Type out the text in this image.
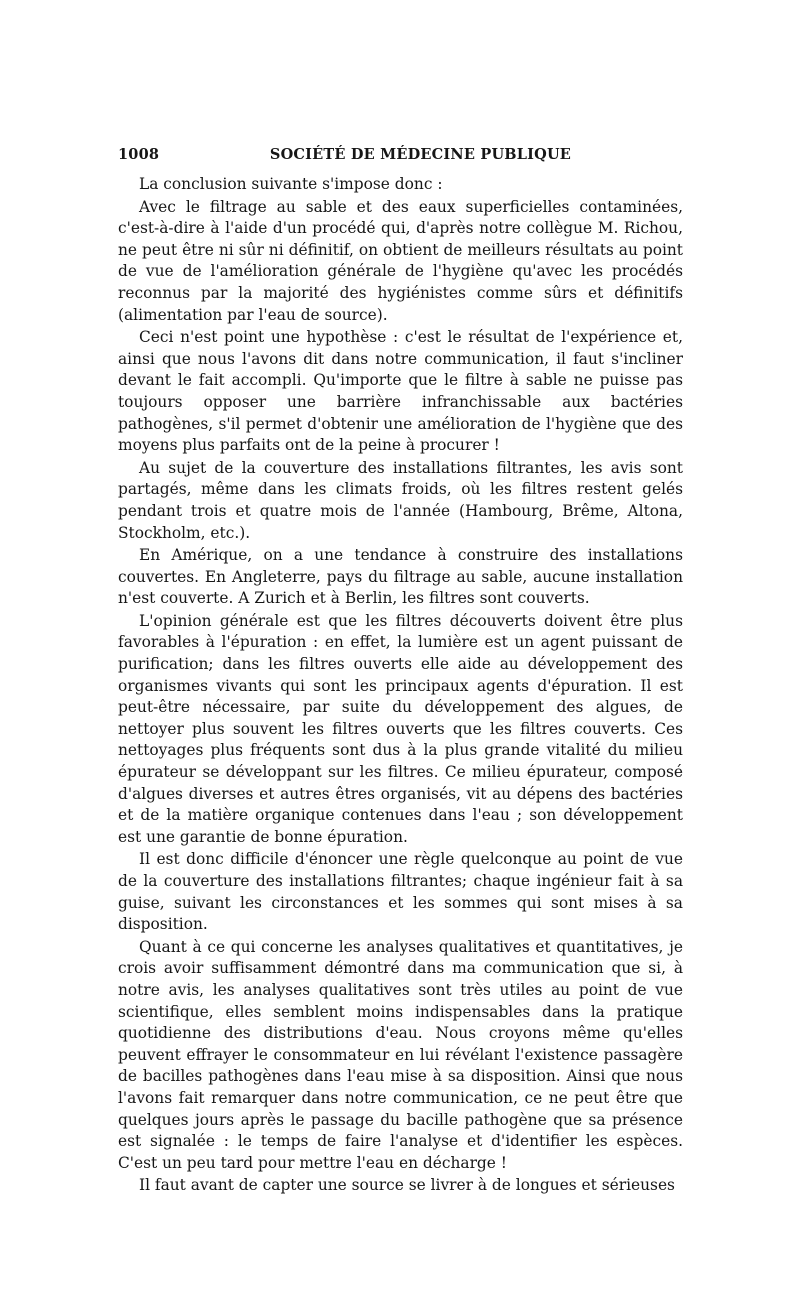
1008	SOCIÉTÉ DE MÉDECINE PUBLIQUE

La conclusion suivante s'impose donc :

Avec le filtrage au sable et des eaux superficielles contaminées, c'est-à-dire à l'aide d'un procédé qui, d'après notre collègue M. Richou, ne peut être ni sûr ni définitif, on obtient de meilleurs résultats au point de vue de l'amélioration générale de l'hygiène qu'avec les procédés reconnus par la majorité des hygiénistes comme sûrs et définitifs (alimentation par l'eau de source).

Ceci n'est point une hypothèse : c'est le résultat de l'expérience et, ainsi que nous l'avons dit dans notre communication, il faut s'incliner devant le fait accompli. Qu'importe que le filtre à sable ne puisse pas toujours opposer une barrière infranchissable aux bactéries pathogènes, s'il permet d'obtenir une amélioration de l'hygiène que des moyens plus parfaits ont de la peine à procurer !

Au sujet de la couverture des installations filtrantes, les avis sont partagés, même dans les climats froids, où les filtres restent gelés pendant trois et quatre mois de l'année (Hambourg, Brême, Altona, Stockholm, etc.).

En Amérique, on a une tendance à construire des installations couvertes. En Angleterre, pays du filtrage au sable, aucune installation n'est couverte. A Zurich et à Berlin, les filtres sont couverts.

L'opinion générale est que les filtres découverts doivent être plus favorables à l'épuration : en effet, la lumière est un agent puissant de purification; dans les filtres ouverts elle aide au développement des organismes vivants qui sont les principaux agents d'épuration. Il est peut-être nécessaire, par suite du développement des algues, de nettoyer plus souvent les filtres ouverts que les filtres couverts. Ces nettoyages plus fréquents sont dus à la plus grande vitalité du milieu épurateur se développant sur les filtres. Ce milieu épurateur, composé d'algues diverses et autres êtres organisés, vit au dépens des bactéries et de la matière organique contenues dans l'eau ; son développement est une garantie de bonne épuration.

Il est donc difficile d'énoncer une règle quelconque au point de vue de la couverture des installations filtrantes; chaque ingénieur fait à sa guise, suivant les circonstances et les sommes qui sont mises à sa disposition.

Quant à ce qui concerne les analyses qualitatives et quantitatives, je crois avoir suffisamment démontré dans ma communication que si, à notre avis, les analyses qualitatives sont très utiles au point de vue scientifique, elles semblent moins indispensables dans la pratique quotidienne des distributions d'eau. Nous croyons même qu'elles peuvent effrayer le consommateur en lui révélant l'existence passagère de bacilles pathogènes dans l'eau mise à sa disposition. Ainsi que nous l'avons fait remarquer dans notre communication, ce ne peut être que quelques jours après le passage du bacille pathogène que sa présence est signalée : le temps de faire l'analyse et d'identifier les espèces. C'est un peu tard pour mettre l'eau en décharge !

Il faut avant de capter une source se livrer à de longues et sérieuses
